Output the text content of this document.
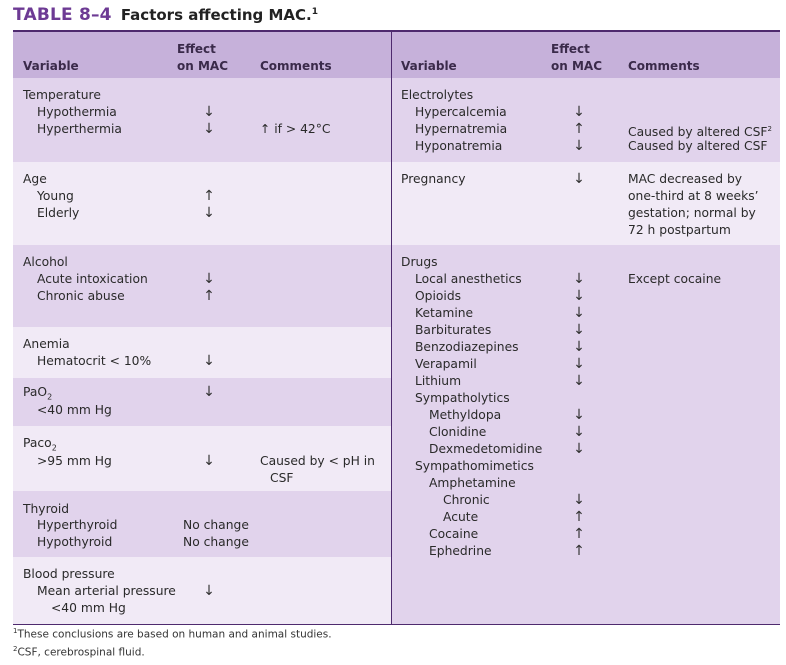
TABLE 8–4 Factors affecting MAC.$^1$
Variable
Effect
on MAC	Comments
Temperature
Hypothermia	↓
Hyperthermia	↓	↑ if > 42°C
Age
Young	↑
Elderly	↓
Alcohol
Acute intoxication	↓
Chronic abuse	↑
Anemia
Hematocrit < 10%	↓
PaO$_2$	↓
<40 mm Hg
Paco$_2$
>95 mm Hg	↓	Caused by < pH in
CSF
Thyroid
Hyperthyroid	No change
Hypothyroid	No change
Blood pressure
Mean arterial pressure ↓
<40 mm Hg
Variable
Effect
on MAC Comments
Electrolytes
Hypercalcemia	↓
Hypernatremia	↑	Caused by altered CSF$^2$
Hyponatremia	↓	Caused by altered CSF
Pregnancy	↓	MAC decreased by
one-third at 8 weeks’
gestation; normal by
72 h postpartum
Drugs
Local anesthetics	↓	Except cocaine
Opioids	↓
Ketamine	↓
Barbiturates	↓
Benzodiazepines	↓
Verapamil	↓
Lithium	↓
Sympatholytics
Methyldopa	↓
Clonidine	↓
Dexmedetomidine ↓
Sympathomimetics
Amphetamine
Chronic	↓
Acute	↑
Cocaine	↑
Ephedrine	↑
$^1$These conclusions are based on human and animal studies.
$^2$CSF, cerebrospinal fluid.
